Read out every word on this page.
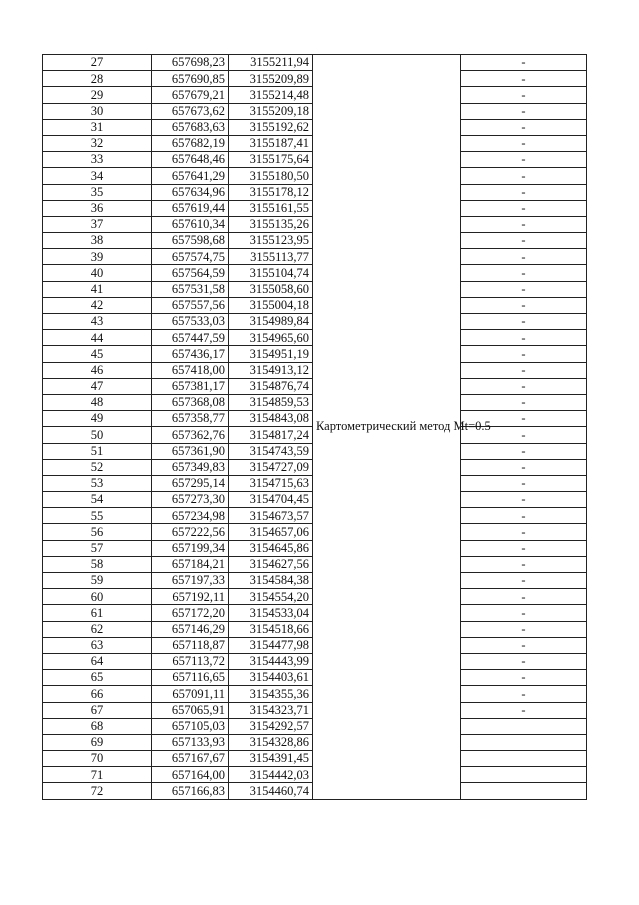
27	657698,23	3155211,94	Картометрический метод Mt=0.5	-
28	657690,85	3155209,89		-
29	657679,21	3155214,48		-
30	657673,62	3155209,18		-
31	657683,63	3155192,62		-
32	657682,19	3155187,41		-
33	657648,46	3155175,64		-
34	657641,29	3155180,50		-
35	657634,96	3155178,12		-
36	657619,44	3155161,55		-
37	657610,34	3155135,26		-
38	657598,68	3155123,95		-
39	657574,75	3155113,77		-
40	657564,59	3155104,74		-
41	657531,58	3155058,60		-
42	657557,56	3155004,18		-
43	657533,03	3154989,84		-
44	657447,59	3154965,60		-
45	657436,17	3154951,19		-
46	657418,00	3154913,12		-
47	657381,17	3154876,74		-
48	657368,08	3154859,53		-
49	657358,77	3154843,08		-
50	657362,76	3154817,24		-
51	657361,90	3154743,59		-
52	657349,83	3154727,09		-
53	657295,14	3154715,63		-
54	657273,30	3154704,45		-
55	657234,98	3154673,57		-
56	657222,56	3154657,06		-
57	657199,34	3154645,86		-
58	657184,21	3154627,56		-
59	657197,33	3154584,38		-
60	657192,11	3154554,20		-
61	657172,20	3154533,04		-
62	657146,29	3154518,66		-
63	657118,87	3154477,98		-
64	657113,72	3154443,99		-
65	657116,65	3154403,61		-
66	657091,11	3154355,36		-
67	657065,91	3154323,71		-
68	657105,03	3154292,57		
69	657133,93	3154328,86		
70	657167,67	3154391,45		
71	657164,00	3154442,03		
72	657166,83	3154460,74		
